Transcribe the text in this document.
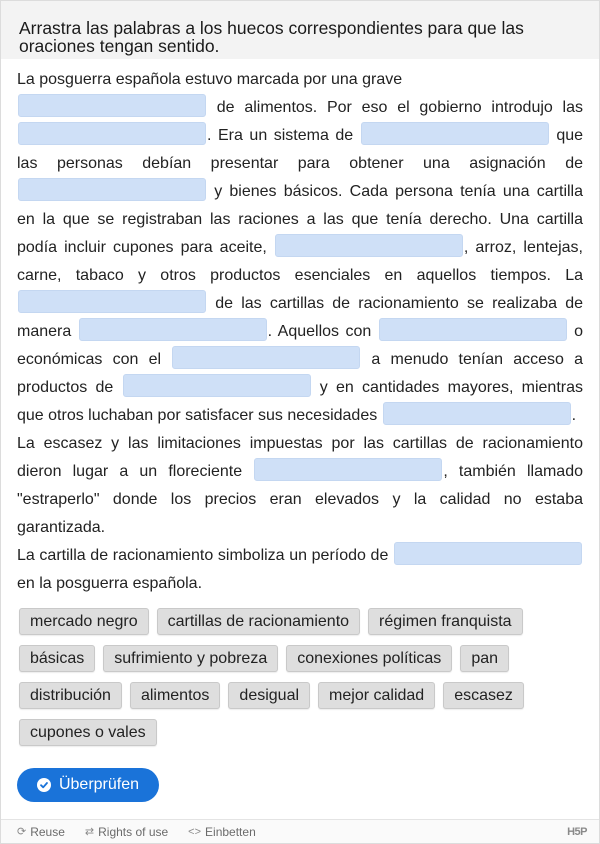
Arrastra las palabras a los huecos correspondientes para que las oraciones tengan sentido.
La posguerra española estuvo marcada por una grave
de alimentos. Por eso el gobierno introdujo las . Era un sistema de	que las personas debían presentar para obtener una asignación de  y bienes básicos. Cada persona tenía una cartilla en la que se registraban las raciones a las que tenía derecho. Una cartilla podía incluir cupones para aceite,	, arroz, lentejas, carne, tabaco y otros productos esenciales en aquellos tiempos. La  de las cartillas de racionamiento se realizaba de manera	. Aquellos con	o económicas con el	a menudo tenían acceso a productos de	y en cantidades mayores, mientras que otros luchaban por satisfacer sus necesidades	.
La escasez y las limitaciones impuestas por las cartillas de racionamiento dieron lugar a un floreciente	, también llamado "estraperlo" donde los precios eran elevados y la calidad no estaba garantizada.
La cartilla de racionamiento simboliza un período de  en la posguerra española.
mercado negro	cartillas de racionamiento	régimen franquista
básicas	sufrimiento y pobreza	conexiones políticas	pan
distribución	alimentos	desigual	mejor calidad	escasez
cupones o vales
Überprüfen
⟳ Reuse ⇄ Rights of use <> Einbetten	H5P
